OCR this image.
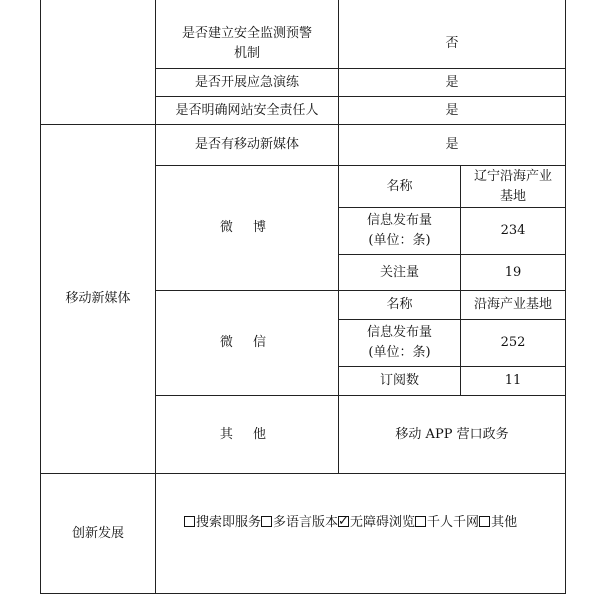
是否建立安全监测预警
机制
否
是否开展应急演练	是
是否明确网站安全责任人	是
移动新媒体
是否有移动新媒体	是
微 博
名称
辽宁沿海产业
基地
信息发布量
(单位：条)
234
关注量	19
微 信
名称	沿海产业基地
信息发布量
(单位：条)
252
订阅数	11
其 他	移动 APP 营口政务
创新发展
搜索即服务 多语言版本✓ 无障碍浏览 千人千网 其他
